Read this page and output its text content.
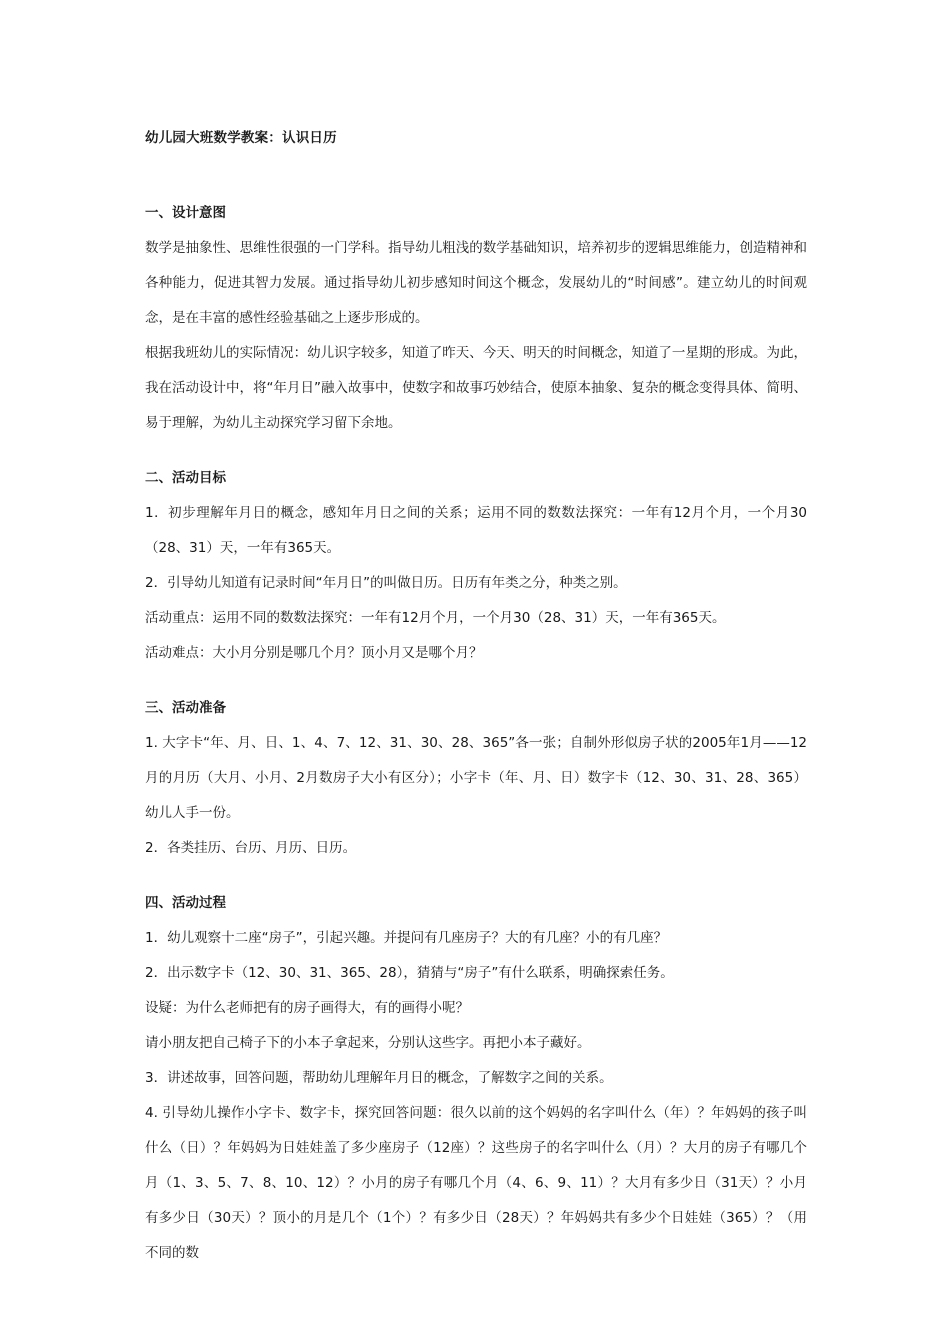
幼儿园大班数学教案：认识日历
一、设计意图

数学是抽象性、思维性很强的一门学科。指导幼儿粗浅的数学基础知识，培养初步的逻辑思维能力，创造精神和各种能力，促进其智力发展。通过指导幼儿初步感知时间这个概念，发展幼儿的“时间感”。建立幼儿的时间观念，是在丰富的感性经验基础之上逐步形成的。

根据我班幼儿的实际情况：幼儿识字较多，知道了昨天、今天、明天的时间概念，知道了一星期的形成。为此，我在活动设计中，将“年月日”融入故事中，使数字和故事巧妙结合，使原本抽象、复杂的概念变得具体、简明、易于理解，为幼儿主动探究学习留下余地。

二、活动目标

1．初步理解年月日的概念，感知年月日之间的关系；运用不同的数数法探究：一年有12月个月，一个月30（28、31）天，一年有365天。

2．引导幼儿知道有记录时间“年月日”的叫做日历。日历有年类之分，种类之别。

活动重点：运用不同的数数法探究：一年有12月个月，一个月30（28、31）天，一年有365天。

活动难点：大小月分别是哪几个月？顶小月又是哪个月？

三、活动准备

1. 大字卡“年、月、日、1、4、7、12、31、30、28、365”各一张；自制外形似房子状的2005年1月——12月的月历（大月、小月、2月数房子大小有区分）；小字卡（年、月、日）数字卡（12、30、31、28、365）幼儿人手一份。

2．各类挂历、台历、月历、日历。

四、活动过程

1．幼儿观察十二座“房子”，引起兴趣。并提问有几座房子？大的有几座？小的有几座？

2．出示数字卡（12、30、31、365、28），猜猜与“房子”有什么联系，明确探索任务。

设疑：为什么老师把有的房子画得大，有的画得小呢？

请小朋友把自己椅子下的小本子拿起来，分别认这些字。再把小本子藏好。

3．讲述故事，回答问题，帮助幼儿理解年月日的概念，了解数字之间的关系。

4. 引导幼儿操作小字卡、数字卡，探究回答问题：很久以前的这个妈妈的名字叫什么（年）？年妈妈的孩子叫什么（日）？年妈妈为日娃娃盖了多少座房子（12座）？这些房子的名字叫什么（月）？大月的房子有哪几个月（1、3、5、7、8、10、12）？小月的房子有哪几个月（4、6、9、11）？大月有多少日（31天）？小月有多少日（30天）？顶小的月是几个（1个）？有多少日（28天）？年妈妈共有多少个日娃娃（365）？（用不同的数
